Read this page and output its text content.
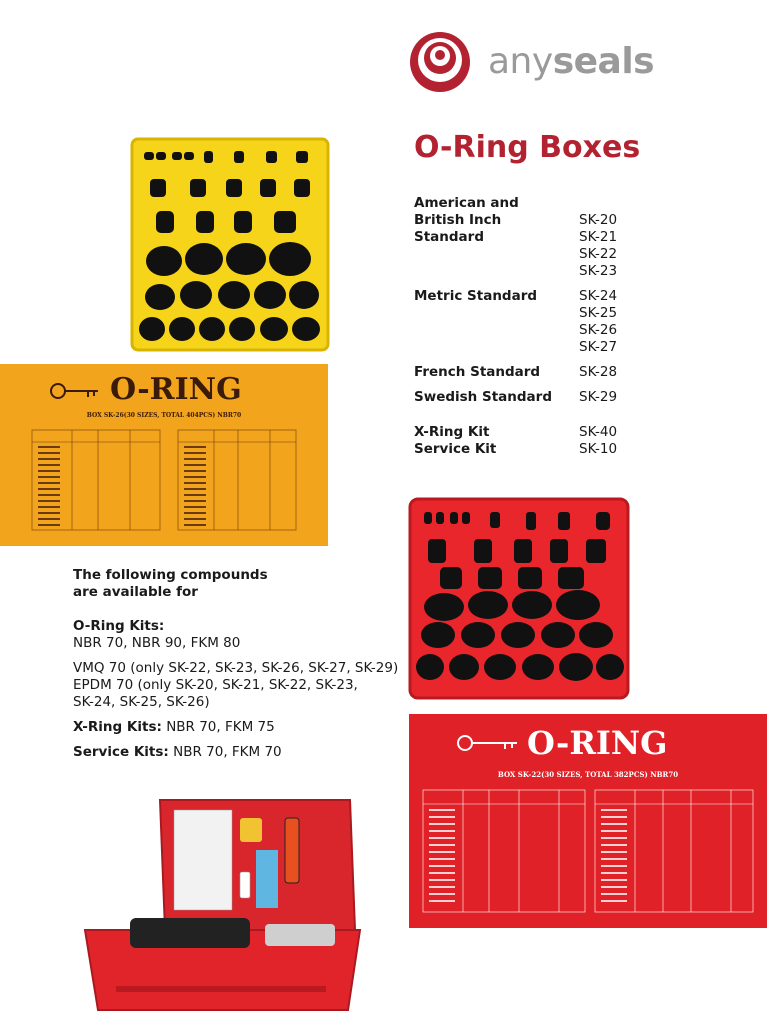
anyseals
O-Ring Boxes
American and
British Inch Standard
SK-20
SK-21
SK-22
SK-23
Metric Standard	SK-24
SK-25
SK-26
SK-27
French Standard	SK-28
Swedish Standard	SK-29
X-Ring Kit	SK-40
Service Kit	SK-10
O-RING
BOX SK-26(30 SIZES, TOTAL 404PCS) NBR70

The following compounds are available for

O-Ring Kits:
NBR 70, NBR 90, FKM 80

VMQ 70 (only SK-22, SK-23, SK-26, SK-27, SK-29)

EPDM 70 (only SK-20, SK-21, SK-22, SK-23, SK-24, SK-25, SK-26)

X-Ring Kits: NBR 70, FKM 75

Service Kits: NBR 70, FKM 70	O-RING
BOX SK-22(30 SIZES, TOTAL 382PCS) NBR70
